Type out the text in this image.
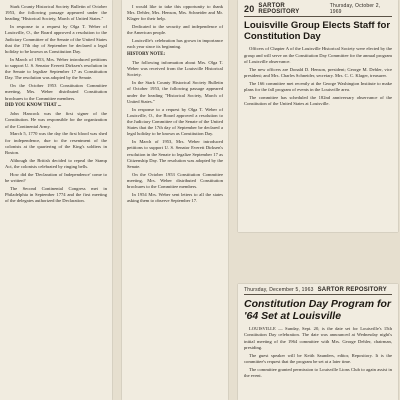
Stark County Historical Society Bulletin of October 1953, the following passage appeared under the heading "Historical Society, March of United States."

In response to a request by Olga T. Weber of Louisville, O., the Board approved a resolution to the Judiciary Committee of the Senate of the United States that the 17th day of September be declared a legal holiday to be known as Constitution Day.

In March of 1953, Mrs. Weber introduced petitions to support U. S. Senator Everett Dirksen's resolution in the Senate to legalize September 17 as Constitution Day. The resolution was adopted by the Senate.

On the October 1953 Constitution Committee meeting, Mrs. Weber distributed Constitution brochures to the Committee members.

DID YOU KNOW THAT ...

John Hancock was the first signer of the Constitution. He was responsible for the organization of the Continental Army.

March 5, 1770 was the day the first blood was shed for independence, due to the resentment of the colonists at the quartering of the King's soldiers in Boston.

Although the British decided to repeal the Stamp Act, the colonists celebrated by ringing bells.

How did the 'Declaration of Independence' come to be written?

The Second Continental Congress met in Philadelphia in September 1774 and the first meeting of the delegates authorized the Declaration.

I would like to take this opportunity to thank Mrs. Dehler, Mrs. Henson, Mrs. Schneider and Mr. Klager for their help.

Dedicated to the security and independence of the American people.

Louisville's celebration has grown in importance each year since its beginning.

HISTORY NOTE:

The following information about Mrs. Olga T. Weber was received from the Louisville Historical Society.

In the Stark County Historical Society Bulletin of October 1953, the following passage appeared under the heading "Historical Society, March of United States."

In response to a request by Olga T. Weber of Louisville, O., the Board approved a resolution to the Judiciary Committee of the Senate of the United States that the 17th day of September be declared a legal holiday to be known as Constitution Day.

In March of 1953, Mrs. Weber introduced petitions to support U. S. Senator Everett Dirksen's resolution in the Senate to legalize September 17 as Citizenship Day. The resolution was adopted by the Senate.

On the October 1953 Constitution Committee meeting, Mrs. Weber distributed Constitution brochures to the Committee members.

In 1954 Mrs. Weber sent letters to all the states asking them to observe September 17.

20 SARTOR REPOSITORY
Thursday, October 2, 1969
Louisville Group Elects Staff for Constitution Day

Officers of Chapter A of the Louisville Historical Society were elected by the group and will serve on the Constitution Day Committee for the annual program of Louisville observance.

The new officers are Donald D. Henson, president; George M. Dehler, vice president; and Mrs. Charles Schneider, secretary. Mrs. C. C. Klager, treasurer.

The 166 committee met recently at the George Washington Institute to make plans for the fall program of events in the Louisville area.

The committee has scheduled the 182nd anniversary observance of the Constitution of the United States at Louisville.

Thursday, December 5, 1963 SARTOR REPOSITORY
Constitution Day Program for '64 Set at Louisville

LOUISVILLE — Sunday, Sept. 20, is the date set for Louisville's 15th Constitution Day celebration. The date was announced at Wednesday night's initial meeting of the 1964 committee with Mrs. George Dehler, chairman, presiding.

The guest speaker will be Keith Saunders, editor, Repository. It is the committee's request that the program be set at a later time.

The committee granted permission to Louisville Lions Club to again assist in the event.
